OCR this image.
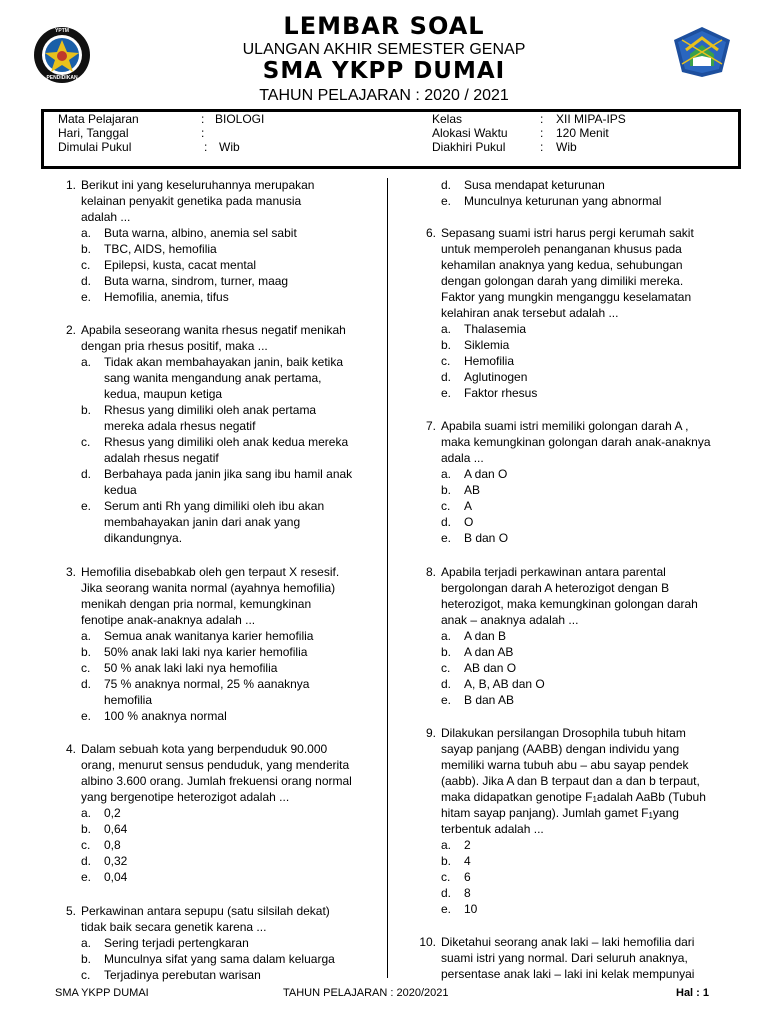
YPTM
PENDIDIKAN
LEMBAR SOAL
ULANGAN AKHIR SEMESTER GENAP
SMA YKPP DUMAI
TAHUN PELAJARAN : 2020 / 2021
Mata Pelajaran	: BIOLOGI
Hari, Tanggal	:
Dimulai Pukul	: Wib
Kelas	: XII MIPA-IPS
Alokasi Waktu	: 120 Menit
Diakhiri Pukul	: Wib
1. Berikut ini yang keseluruhannya merupakan
kelainan penyakit genetika pada manusia
adalah ...
a. Buta warna, albino, anemia sel sabit
b. TBC, AIDS, hemofilia
c. Epilepsi, kusta, cacat mental
d. Buta warna, sindrom, turner, maag
e. Hemofilia, anemia, tifus
2. Apabila seseorang wanita rhesus negatif menikah
dengan pria rhesus positif, maka ...
a. Tidak akan membahayakan janin, baik ketika
sang wanita mengandung anak pertama,
kedua, maupun ketiga
b. Rhesus yang dimiliki oleh anak pertama
mereka adala rhesus negatif
c. Rhesus yang dimiliki oleh anak kedua mereka
adalah rhesus negatif
d. Berbahaya pada janin jika sang ibu hamil anak
kedua
e. Serum anti Rh yang dimiliki oleh ibu akan
membahayakan janin dari anak yang
dikandungnya.
3. Hemofilia disebabkab oleh gen terpaut X resesif.
Jika seorang wanita normal (ayahnya hemofilia)
menikah dengan pria normal, kemungkinan
fenotipe anak-anaknya adalah ...
a. Semua anak wanitanya karier hemofilia
b. 50% anak laki laki nya karier hemofilia
c. 50 % anak laki laki nya hemofilia
d. 75 % anaknya normal, 25 % aanaknya
hemofilia
e. 100 % anaknya normal
4. Dalam sebuah kota yang berpenduduk 90.000
orang, menurut sensus penduduk, yang menderita
albino 3.600 orang. Jumlah frekuensi orang normal
yang bergenotipe heterozigot adalah ...
a. 0,2
b. 0,64
c. 0,8
d. 0,32
e. 0,04
5. Perkawinan antara sepupu (satu silsilah dekat)
tidak baik secara genetik karena ...
a. Sering terjadi pertengkaran
b. Munculnya sifat yang sama dalam keluarga
c. Terjadinya perebutan warisan
d. Susa mendapat keturunan
e. Munculnya keturunan yang abnormal
6. Sepasang suami istri harus pergi kerumah sakit
untuk memperoleh penanganan khusus pada
kehamilan anaknya yang kedua, sehubungan
dengan golongan darah yang dimiliki mereka.
Faktor yang mungkin menganggu keselamatan
kelahiran anak tersebut adalah ...
a. Thalasemia
b. Siklemia
c. Hemofilia
d. Aglutinogen
e. Faktor rhesus
7. Apabila suami istri memiliki golongan darah A ,
maka kemungkinan golongan darah anak-anaknya
adala ...
a. A dan O
b. AB
c. A
d. O
e. B dan O
8. Apabila terjadi perkawinan antara parental
bergolongan darah A heterozigot dengan B
heterozigot, maka kemungkinan golongan darah
anak – anaknya adalah ...
a. A dan B
b. A dan AB
c. AB dan O
d. A, B, AB dan O
e. B dan AB
9. Dilakukan persilangan Drosophila tubuh hitam
sayap panjang (AABB) dengan individu yang
memiliki warna tubuh abu – abu sayap pendek
(aabb). Jika A dan B terpaut dan a dan b terpaut,
maka didapatkan genotipe $F_1adalah$ AaBb (Tubuh
hitam sayap panjang). Jumlah gamet $F_1yang$
terbentuk adalah ...
a. 2
b. 4
c. 6
d. 8
e. 10
10. Diketahui seorang anak laki – laki hemofilia dari
suami istri yang normal. Dari seluruh anaknya,
persentase anak laki – laki ini kelak mempunyai
SMA YKPP DUMAI	TAHUN PELAJARAN : 2020/2021	Hal : 1
